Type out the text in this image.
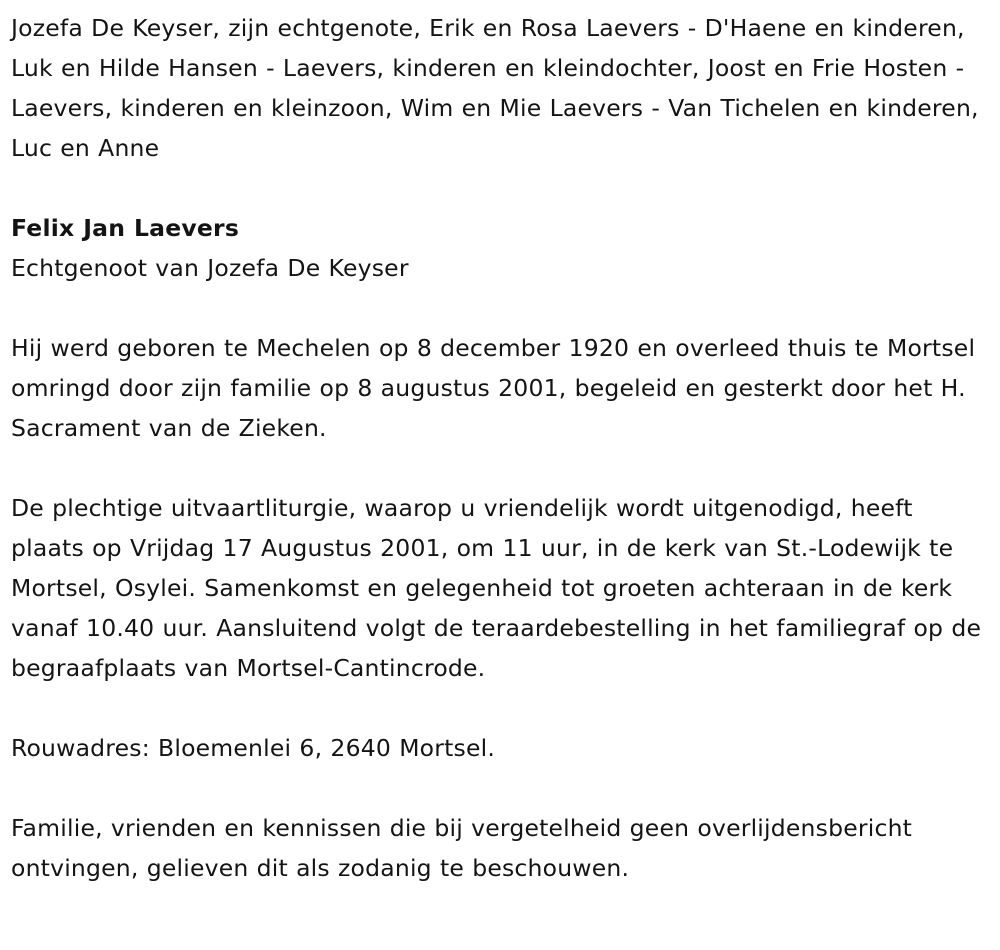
Jozefa De Keyser, zijn echtgenote, Erik en Rosa Laevers - D'Haene en kinderen, Luk en Hilde Hansen - Laevers, kinderen en kleindochter, Joost en Frie Hosten - Laevers, kinderen en kleinzoon, Wim en Mie Laevers - Van Tichelen en kinderen, Luc en Anne

Felix Jan Laevers

Echtgenoot van Jozefa De Keyser

Hij werd geboren te Mechelen op 8 december 1920 en overleed thuis te Mortsel omringd door zijn familie op 8 augustus 2001, begeleid en gesterkt door het H. Sacrament van de Zieken.

De plechtige uitvaartliturgie, waarop u vriendelijk wordt uitgenodigd, heeft plaats op Vrijdag 17 Augustus 2001, om 11 uur, in de kerk van St.-Lodewijk te Mortsel, Osylei. Samenkomst en gelegenheid tot groeten achteraan in de kerk vanaf 10.40 uur. Aansluitend volgt de teraardebestelling in het familiegraf op de begraafplaats van Mortsel-Cantincrode.

Rouwadres: Bloemenlei 6, 2640 Mortsel.

Familie, vrienden en kennissen die bij vergetelheid geen overlijdensbericht ontvingen, gelieven dit als zodanig te beschouwen.
